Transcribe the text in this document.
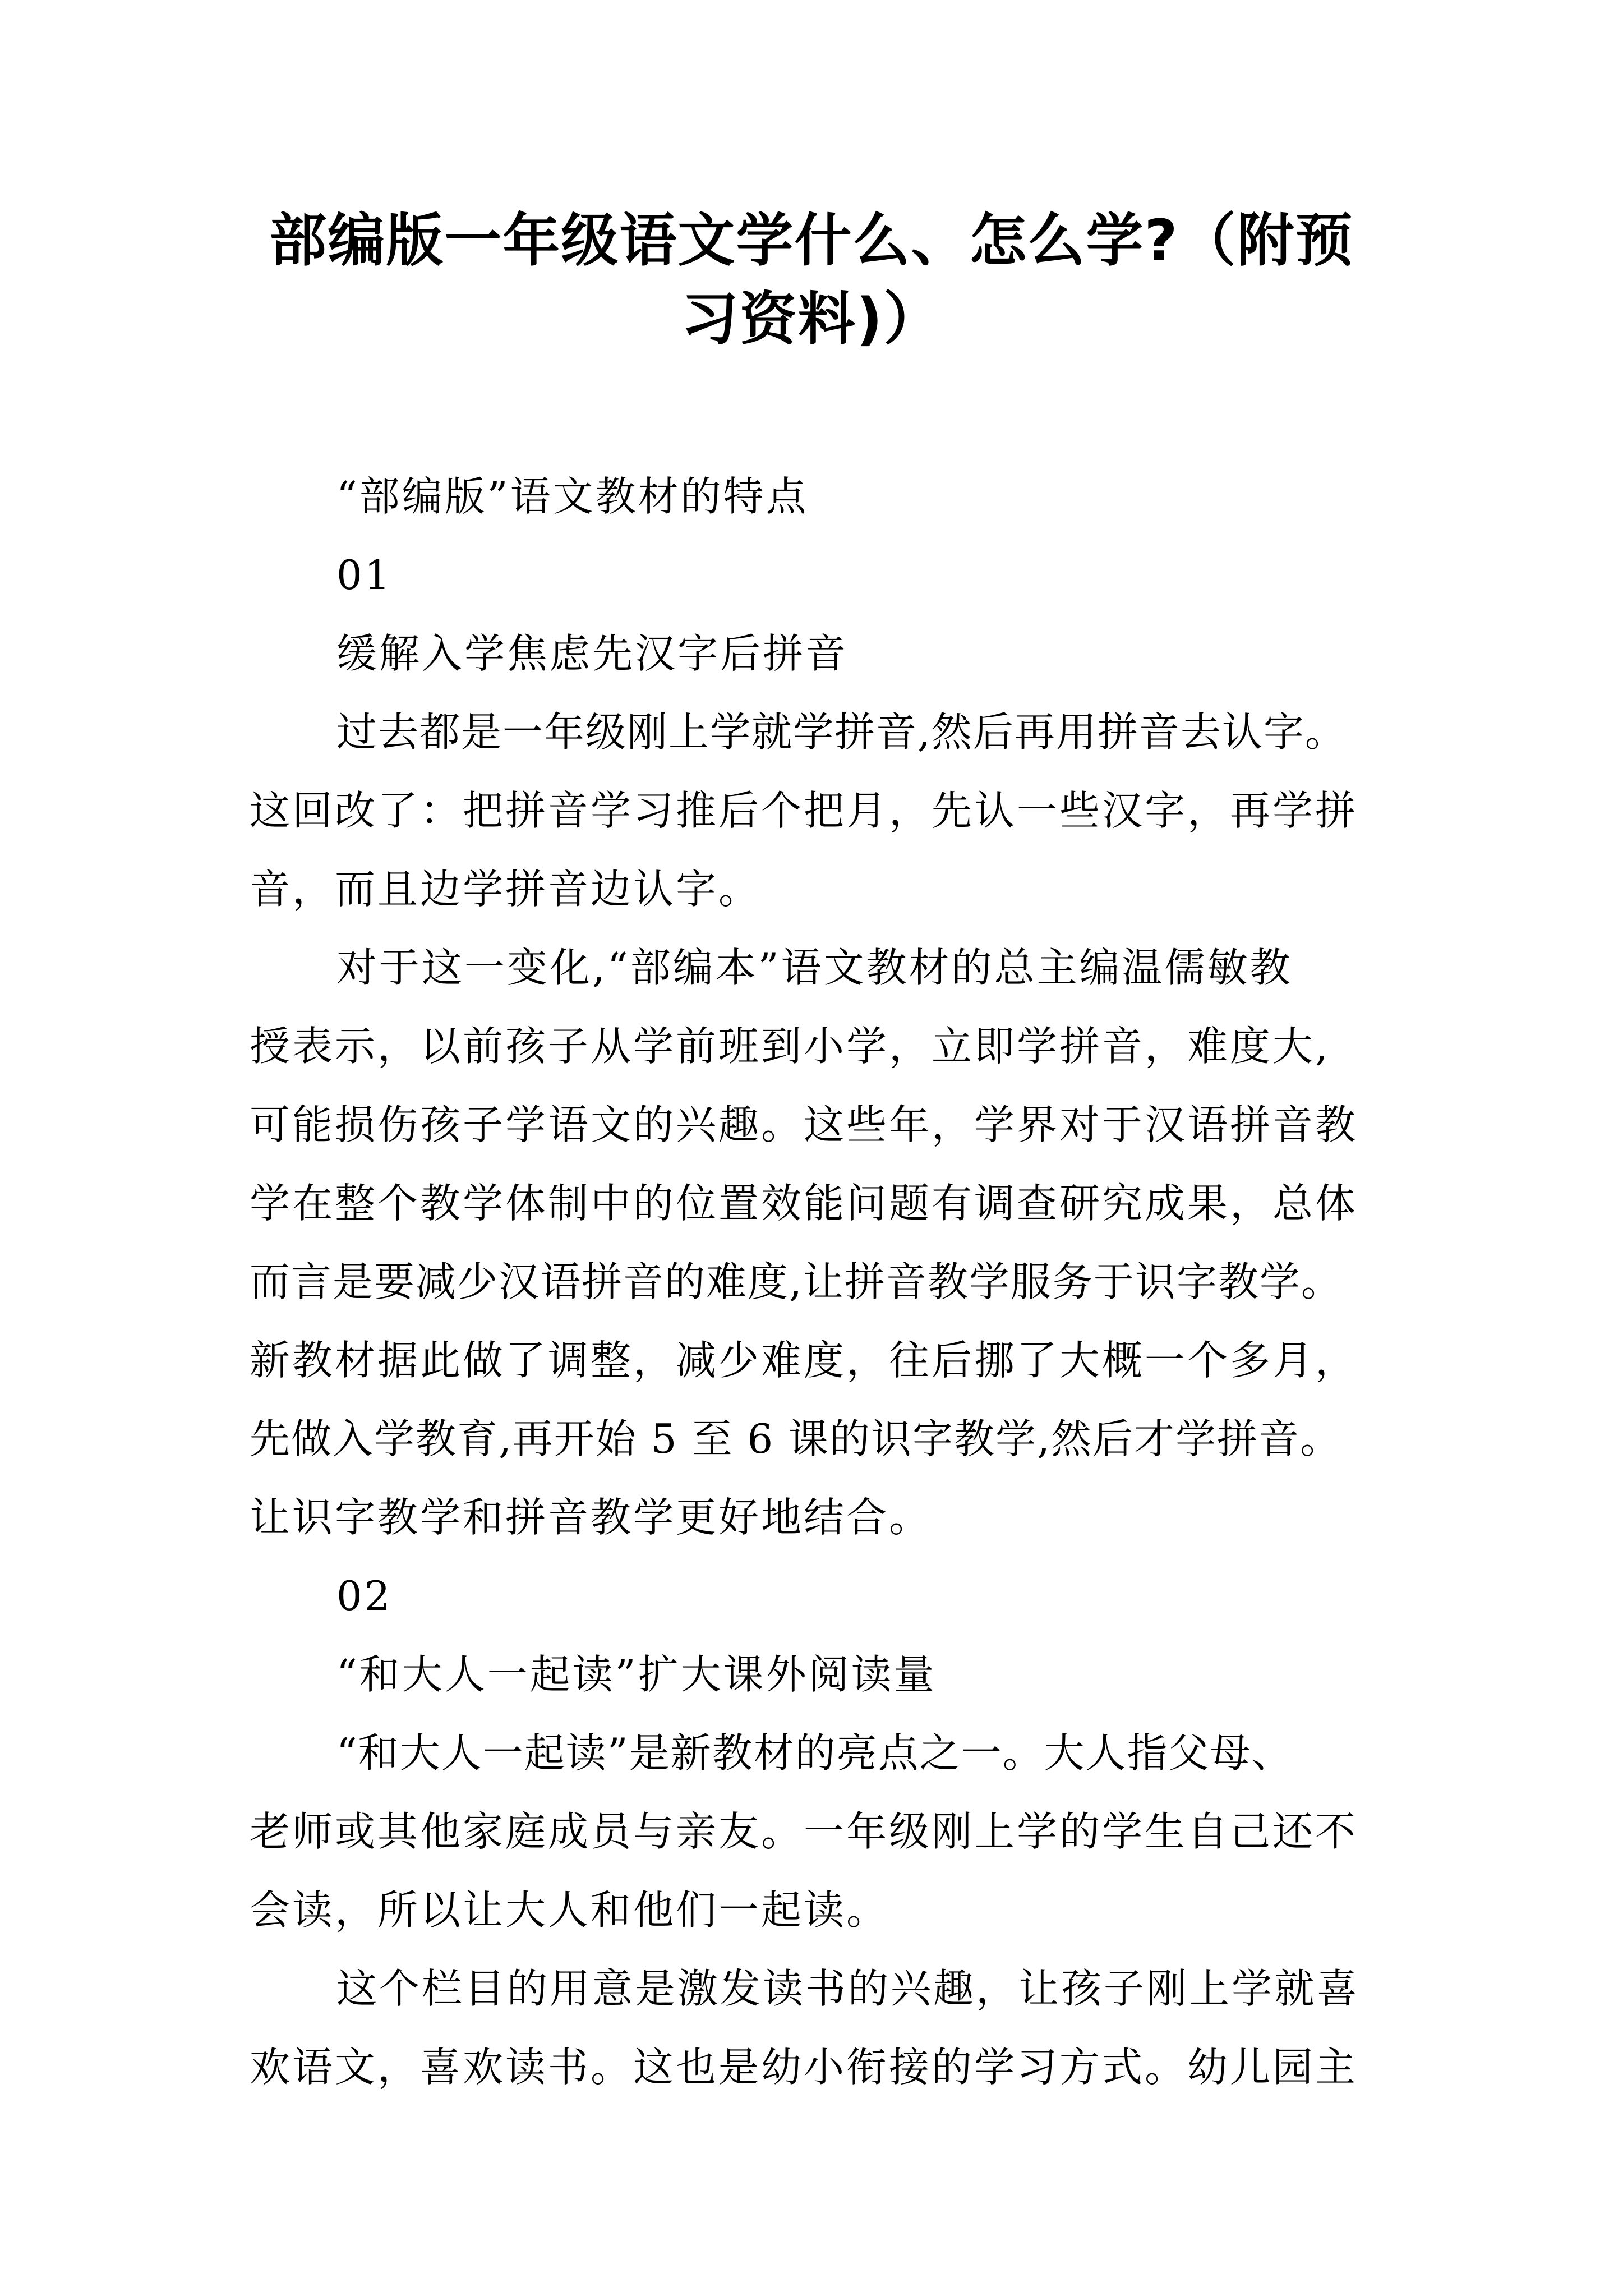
部编版一年级语文学什么、怎么学?（附预
习资料)）

“部编版”语文教材的特点

01

缓解入学焦虑先汉字后拼音

过去都是一年级刚上学就学拼音,然后再用拼音去认字。

这回改了：把拼音学习推后个把月，先认一些汉字，再学拼

音，而且边学拼音边认字。

对于这一变化,“部编本”语文教材的总主编温儒敏教

授表示，以前孩子从学前班到小学，立即学拼音，难度大,

可能损伤孩子学语文的兴趣。这些年，学界对于汉语拼音教

学在整个教学体制中的位置效能问题有调查研究成果，总体

而言是要减少汉语拼音的难度,让拼音教学服务于识字教学。

新教材据此做了调整，减少难度，往后挪了大概一个多月，

先做入学教育,再开始 5 至 6 课的识字教学,然后才学拼音。

让识字教学和拼音教学更好地结合。

02

“和大人一起读”扩大课外阅读量

“和大人一起读”是新教材的亮点之一。大人指父母、

老师或其他家庭成员与亲友。一年级刚上学的学生自己还不

会读，所以让大人和他们一起读。

这个栏目的用意是激发读书的兴趣，让孩子刚上学就喜

欢语文，喜欢读书。这也是幼小衔接的学习方式。幼儿园主
